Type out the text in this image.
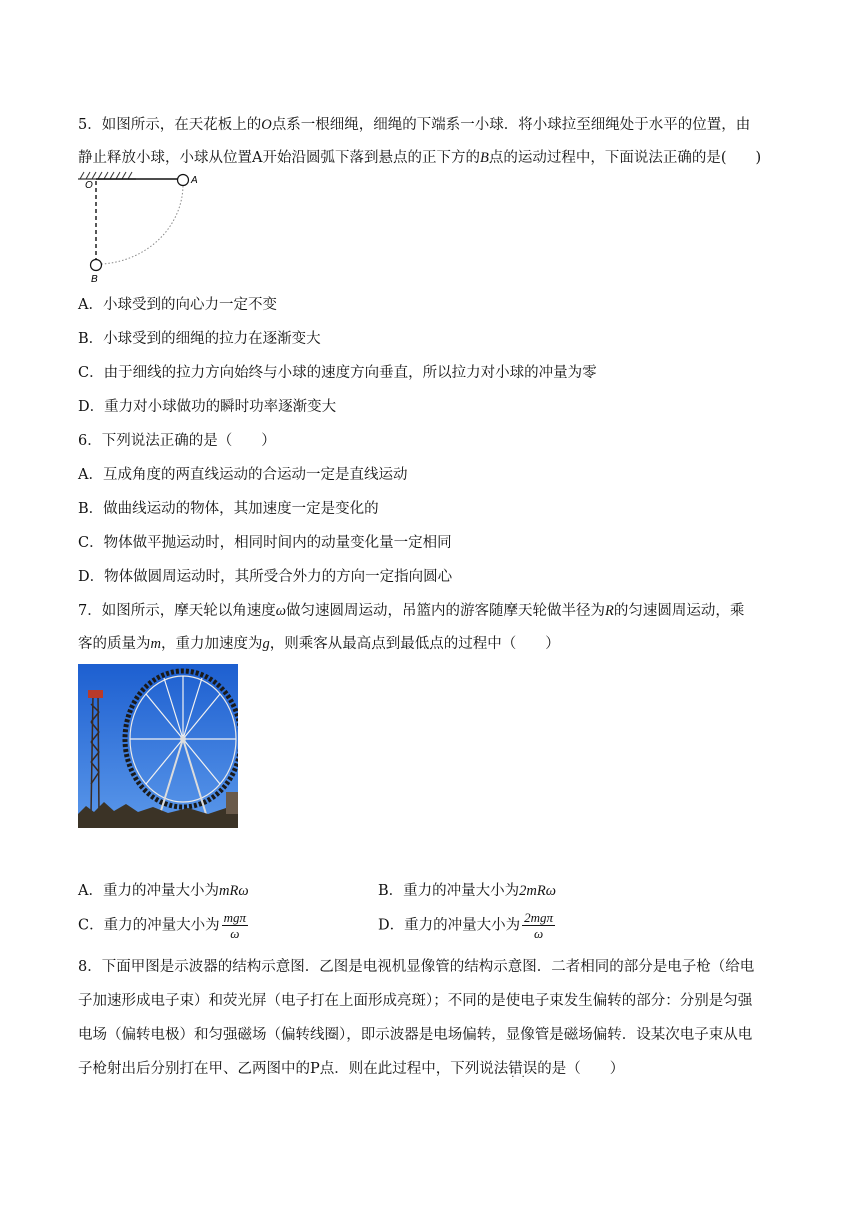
5．如图所示，在天花板上的O点系一根细绳，细绳的下端系一小球．将小球拉至细绳处于水平的位置，由
静止释放小球，小球从位置A开始沿圆弧下落到悬点的正下方的B点的运动过程中，下面说法正确的是(　　)
O	A
B
A．小球受到的向心力一定不变
B．小球受到的细绳的拉力在逐渐变大
C．由于细线的拉力方向始终与小球的速度方向垂直，所以拉力对小球的冲量为零
D．重力对小球做功的瞬时功率逐渐变大
6．下列说法正确的是（　　）
A．互成角度的两直线运动的合运动一定是直线运动
B．做曲线运动的物体，其加速度一定是变化的
C．物体做平抛运动时，相同时间内的动量变化量一定相同
D．物体做圆周运动时，其所受合外力的方向一定指向圆心
7．如图所示，摩天轮以角速度ω做匀速圆周运动，吊篮内的游客随摩天轮做半径为R的匀速圆周运动，乘
客的质量为m，重力加速度为g，则乘客从最高点到最低点的过程中（　　）
A．重力的冲量大小为mRω	B．重力的冲量大小为2mRω
C．重力的冲量大小为 $\frac{\text{mgπ}}{\omega}$	D．重力的冲量大小为 $\frac{\text{2mgπ}}{\omega}$
8．下面甲图是示波器的结构示意图．乙图是电视机显像管的结构示意图．二者相同的部分是电子枪（给电
子加速形成电子束）和荧光屏（电子打在上面形成亮斑）；不同的是使电子束发生偏转的部分：分别是匀强
电场（偏转电极）和匀强磁场（偏转线圈），即示波器是电场偏转，显像管是磁场偏转．设某次电子束从电
子枪射出后分别打在甲、乙两图中的P点．则在此过程中，下列说法错误 · ·的是（　　）
